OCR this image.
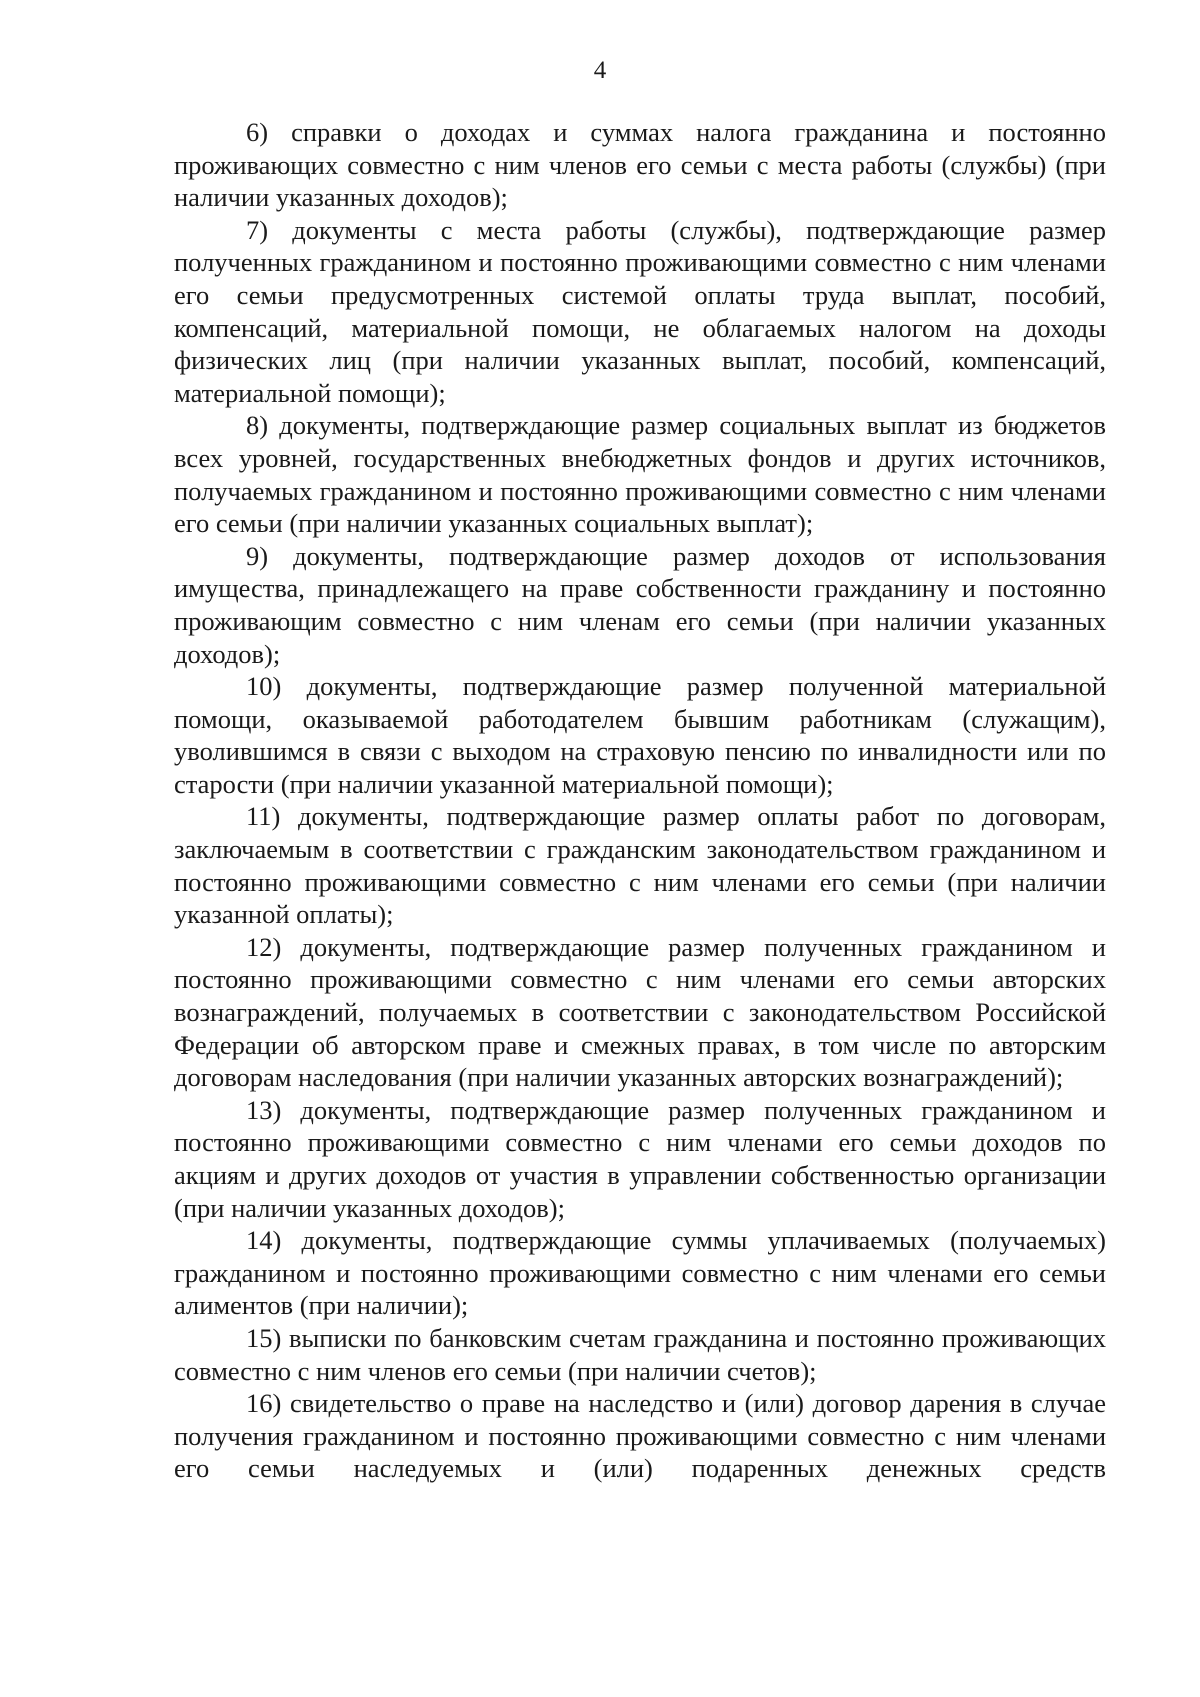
4

6) справки о доходах и суммах налога гражданина и постоянно проживающих совместно с ним членов его семьи с места работы (службы) (при наличии указанных доходов);

7) документы с места работы (службы), подтверждающие размер полученных гражданином и постоянно проживающими совместно с ним членами его семьи предусмотренных системой оплаты труда выплат, пособий, компенсаций, материальной помощи, не облагаемых налогом на доходы физических лиц (при наличии указанных выплат, пособий, компенсаций, материальной помощи);

8) документы, подтверждающие размер социальных выплат из бюджетов всех уровней, государственных внебюджетных фондов и других источников, получаемых гражданином и постоянно проживающими совместно с ним членами его семьи (при наличии указанных социальных выплат);

9) документы, подтверждающие размер доходов от использования имущества, принадлежащего на праве собственности гражданину и постоянно проживающим совместно с ним членам его семьи (при наличии указанных доходов);

10) документы, подтверждающие размер полученной материальной помощи, оказываемой работодателем бывшим работникам (служащим), уволившимся в связи с выходом на страховую пенсию по инвалидности или по старости (при наличии указанной материальной помощи);

11) документы, подтверждающие размер оплаты работ по договорам, заключаемым в соответствии с гражданским законодательством гражданином и постоянно проживающими совместно с ним членами его семьи (при наличии указанной оплаты);

12) документы, подтверждающие размер полученных гражданином и постоянно проживающими совместно с ним членами его семьи авторских вознаграждений, получаемых в соответствии с законодательством Российской Федерации об авторском праве и смежных правах, в том числе по авторским договорам наследования (при наличии указанных авторских вознаграждений);

13) документы, подтверждающие размер полученных гражданином и постоянно проживающими совместно с ним членами его семьи доходов по акциям и других доходов от участия в управлении собственностью организации (при наличии указанных доходов);

14) документы, подтверждающие суммы уплачиваемых (получаемых) гражданином и постоянно проживающими совместно с ним членами его семьи алиментов (при наличии);

15) выписки по банковским счетам гражданина и постоянно проживающих совместно с ним членов его семьи (при наличии счетов);

16) свидетельство о праве на наследство и (или) договор дарения в случае получения гражданином и постоянно проживающими совместно с ним членами его семьи наследуемых и (или) подаренных денежных средств
